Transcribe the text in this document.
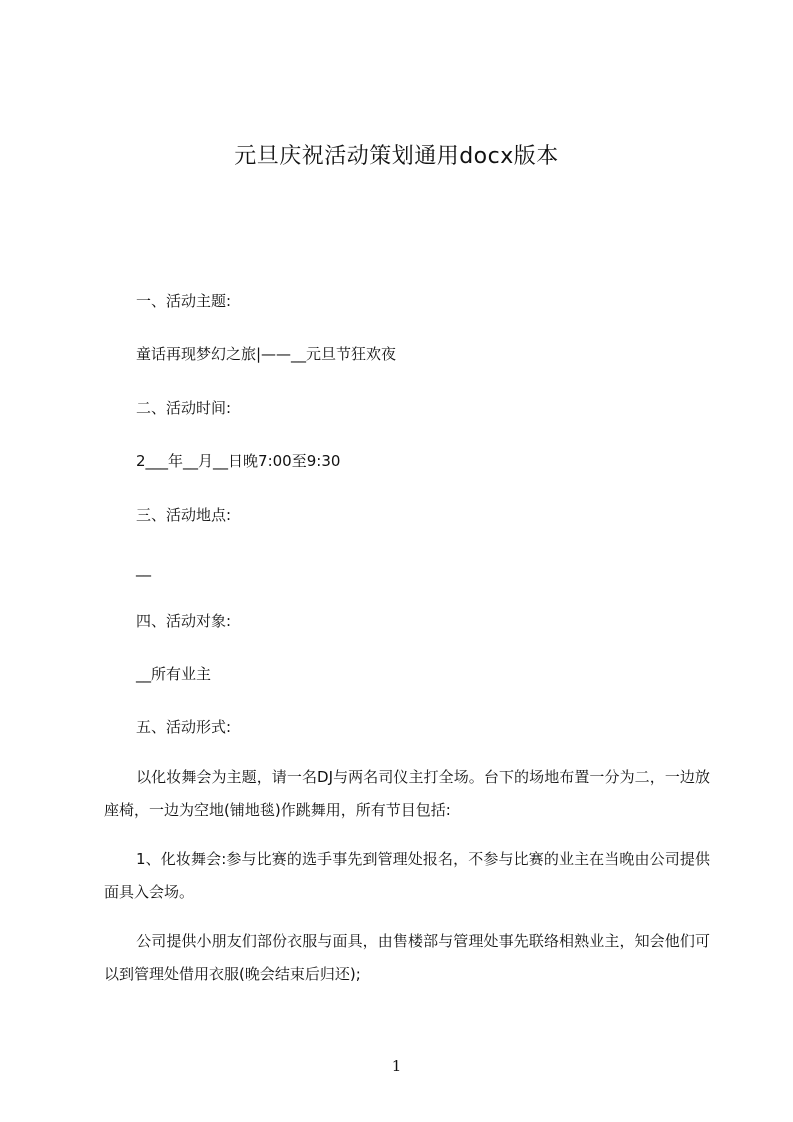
元旦庆祝活动策划通用docx版本

一、活动主题:

童话再现梦幻之旅|——__元旦节狂欢夜

二、活动时间:

2___年__月__日晚7:00至9:30

三、活动地点:

__

四、活动对象:

__所有业主

五、活动形式:

以化妆舞会为主题，请一名DJ与两名司仪主打全场。台下的场地布置一分为二，一边放座椅，一边为空地(铺地毯)作跳舞用，所有节目包括:

1、化妆舞会:参与比赛的选手事先到管理处报名，不参与比赛的业主在当晚由公司提供面具入会场。

公司提供小朋友们部份衣服与面具，由售楼部与管理处事先联络相熟业主，知会他们可以到管理处借用衣服(晚会结束后归还);

1
